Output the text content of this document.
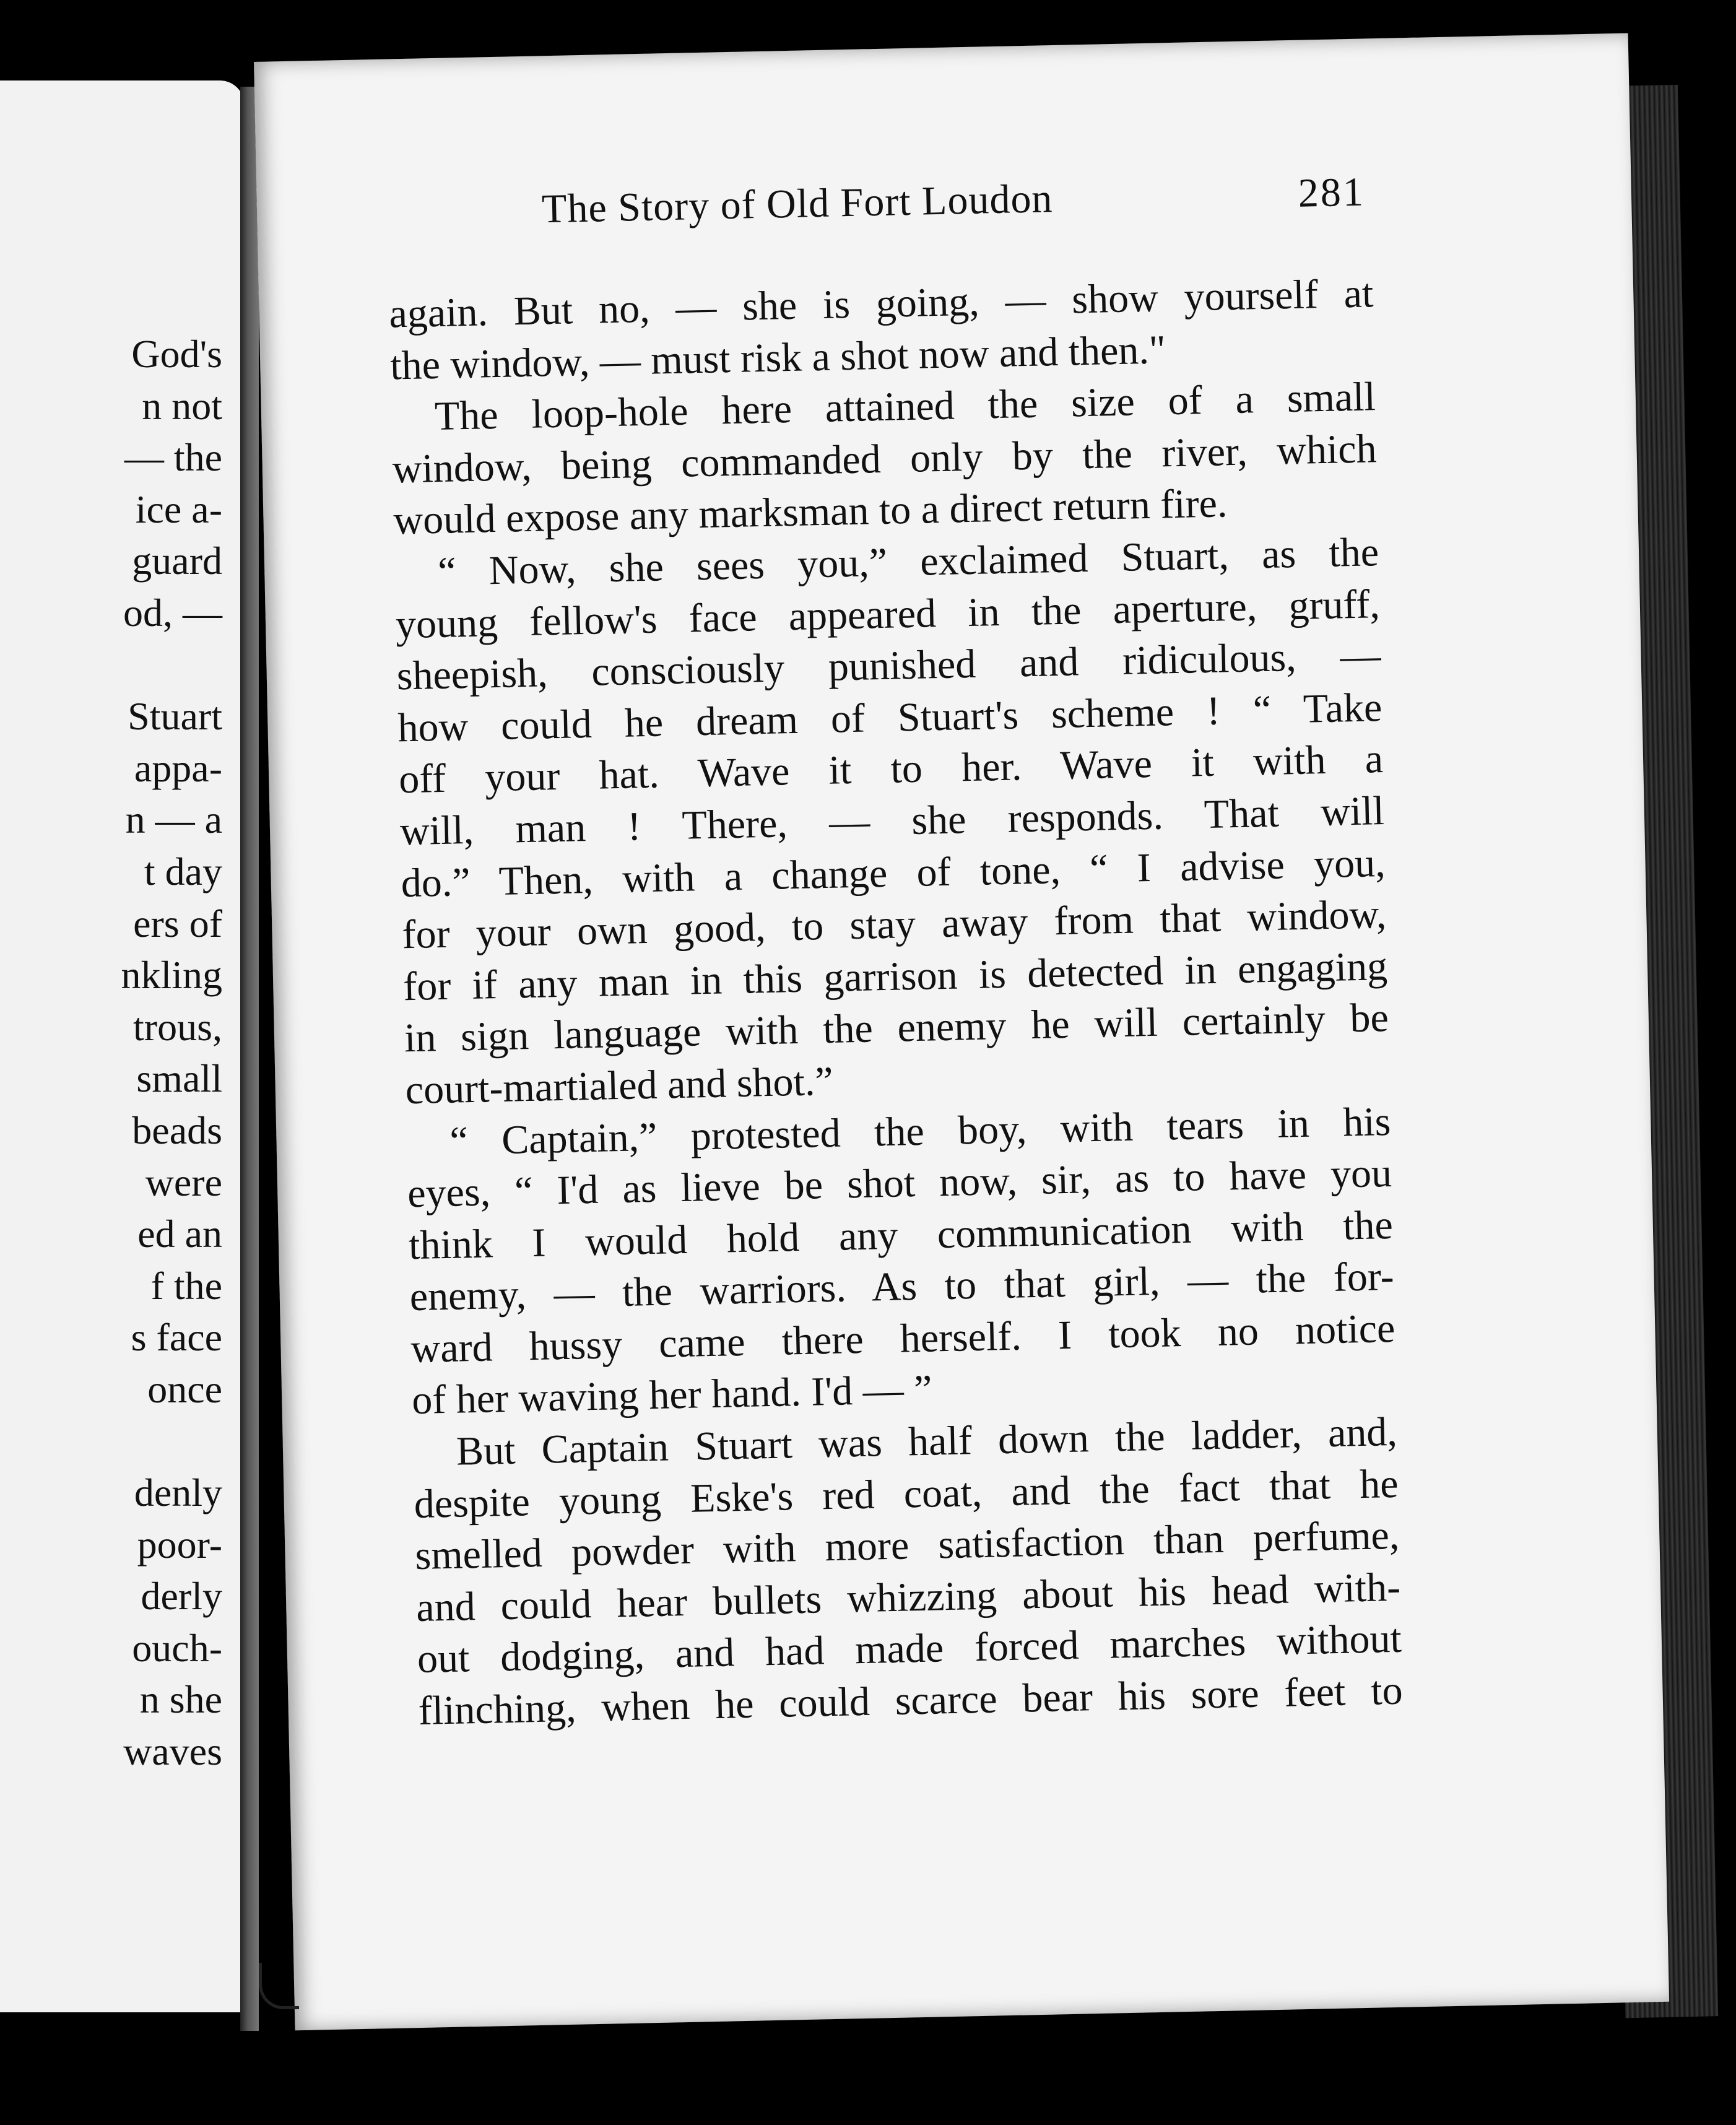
God's
n not
— the
ice a-
guard
od, —
Stuart
appa-
n — a
t day
ers of
nkling
trous,
small
beads
were
ed an
f the
s face
once
denly
poor-
derly
ouch-
n she
waves
The Story of Old Fort Loudon	281
again. But no, — she is going, — show yourself at
the window, — must risk a shot now and then."
The loop-hole here attained the size of a small
window, being commanded only by the river, which
would expose any marksman to a direct return fire.
“ Now, she sees you,” exclaimed Stuart, as the
young fellow's face appeared in the aperture, gruff,
sheepish, consciously punished and ridiculous, —
how could he dream of Stuart's scheme ! “ Take
off your hat. Wave it to her. Wave it with a
will, man ! There, — she responds. That will
do.” Then, with a change of tone, “ I advise you,
for your own good, to stay away from that window,
for if any man in this garrison is detected in engaging
in sign language with the enemy he will certainly be
court-martialed and shot.”
“ Captain,” protested the boy, with tears in his
eyes, “ I'd as lieve be shot now, sir, as to have you
think I would hold any communication with the
enemy, — the warriors. As to that girl, — the for-
ward hussy came there herself. I took no notice
of her waving her hand. I'd — ”
But Captain Stuart was half down the ladder, and,
despite young Eske's red coat, and the fact that he
smelled powder with more satisfaction than perfume,
and could hear bullets whizzing about his head with-
out dodging, and had made forced marches without
flinching, when he could scarce bear his sore feet to
